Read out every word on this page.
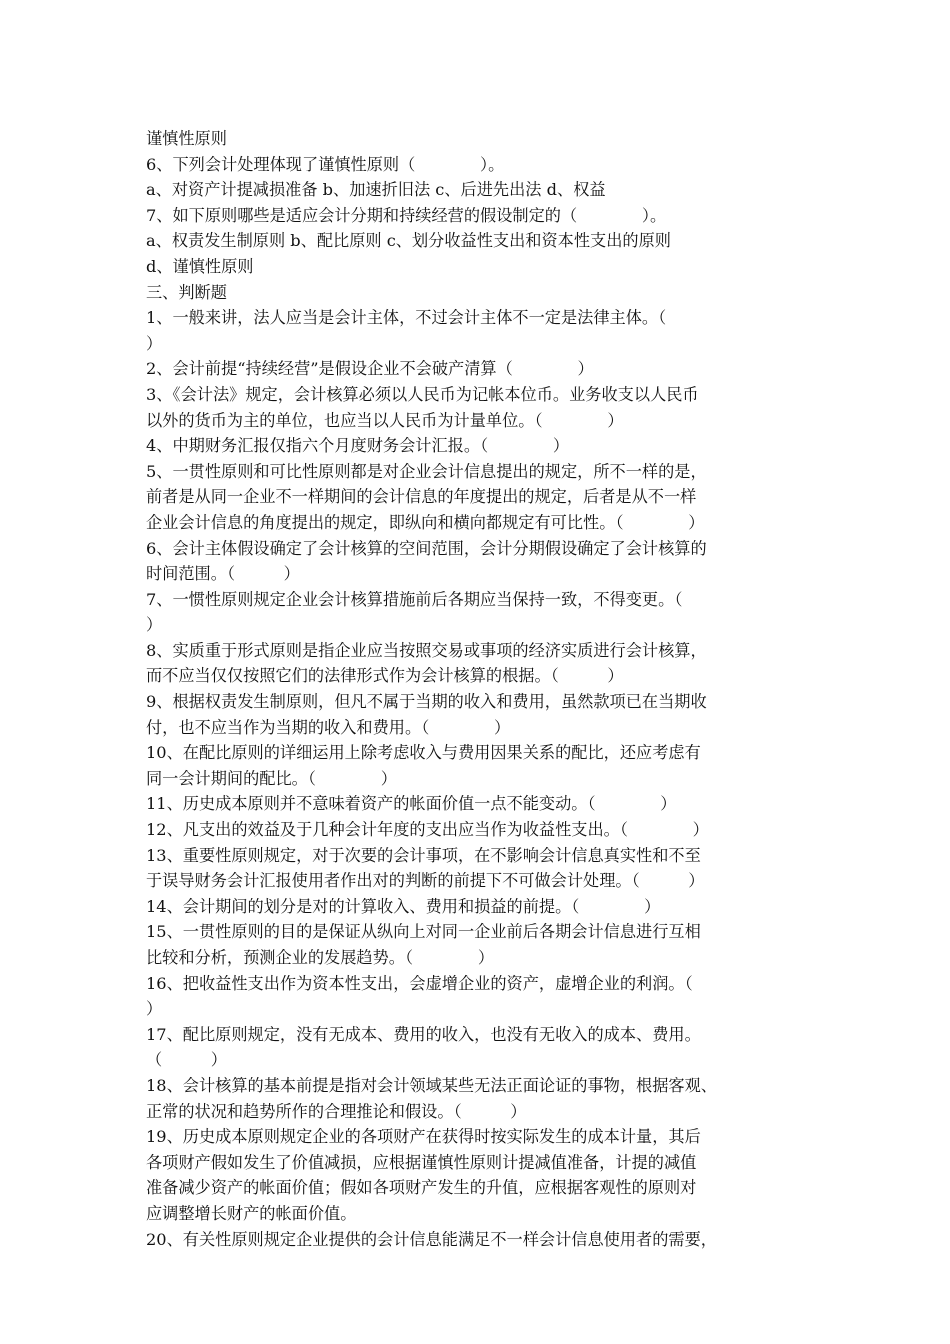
谨慎性原则
6、下列会计处理体现了谨慎性原则（　　　　）。
a、对资产计提减损准备 b、加速折旧法 c、后进先出法 d、权益
7、如下原则哪些是适应会计分期和持续经营的假设制定的（　　　　）。
a、权责发生制原则 b、配比原则 c、划分收益性支出和资本性支出的原则
d、谨慎性原则
三、判断题
1、一般来讲，法人应当是会计主体，不过会计主体不一定是法律主体。（
）
2、会计前提“持续经营”是假设企业不会破产清算（　　　　）
3、《会计法》规定，会计核算必须以人民币为记帐本位币。业务收支以人民币
以外的货币为主的单位，也应当以人民币为计量单位。（　　　　）
4、中期财务汇报仅指六个月度财务会计汇报。（　　　　）
5、一贯性原则和可比性原则都是对企业会计信息提出的规定，所不一样的是，
前者是从同一企业不一样期间的会计信息的年度提出的规定，后者是从不一样
企业会计信息的角度提出的规定，即纵向和横向都规定有可比性。（　　　　）
6、会计主体假设确定了会计核算的空间范围，会计分期假设确定了会计核算的
时间范围。（　　　）
7、一惯性原则规定企业会计核算措施前后各期应当保持一致，不得变更。（
）
8、实质重于形式原则是指企业应当按照交易或事项的经济实质进行会计核算，
而不应当仅仅按照它们的法律形式作为会计核算的根据。（　　　）
9、根据权责发生制原则，但凡不属于当期的收入和费用，虽然款项已在当期收
付，也不应当作为当期的收入和费用。（　　　　）
10、在配比原则的详细运用上除考虑收入与费用因果关系的配比，还应考虑有
同一会计期间的配比。（　　　　）
11、历史成本原则并不意味着资产的帐面价值一点不能变动。（　　　　）
12、凡支出的效益及于几种会计年度的支出应当作为收益性支出。（　　　　）
13、重要性原则规定，对于次要的会计事项，在不影响会计信息真实性和不至
于误导财务会计汇报使用者作出对的判断的前提下不可做会计处理。（　　　）
14、会计期间的划分是对的计算收入、费用和损益的前提。（　　　　）
15、一贯性原则的目的是保证从纵向上对同一企业前后各期会计信息进行互相
比较和分析，预测企业的发展趋势。（　　　　）
16、把收益性支出作为资本性支出，会虚增企业的资产，虚增企业的利润。（
）
17、配比原则规定，没有无成本、费用的收入，也没有无收入的成本、费用。
（　　　）
18、会计核算的基本前提是指对会计领域某些无法正面论证的事物，根据客观、
正常的状况和趋势所作的合理推论和假设。（　　　）
19、历史成本原则规定企业的各项财产在获得时按实际发生的成本计量，其后
各项财产假如发生了价值减损，应根据谨慎性原则计提减值准备，计提的减值
准备减少资产的帐面价值；假如各项财产发生的升值，应根据客观性的原则对
应调整增长财产的帐面价值。
20、有关性原则规定企业提供的会计信息能满足不一样会计信息使用者的需要，
